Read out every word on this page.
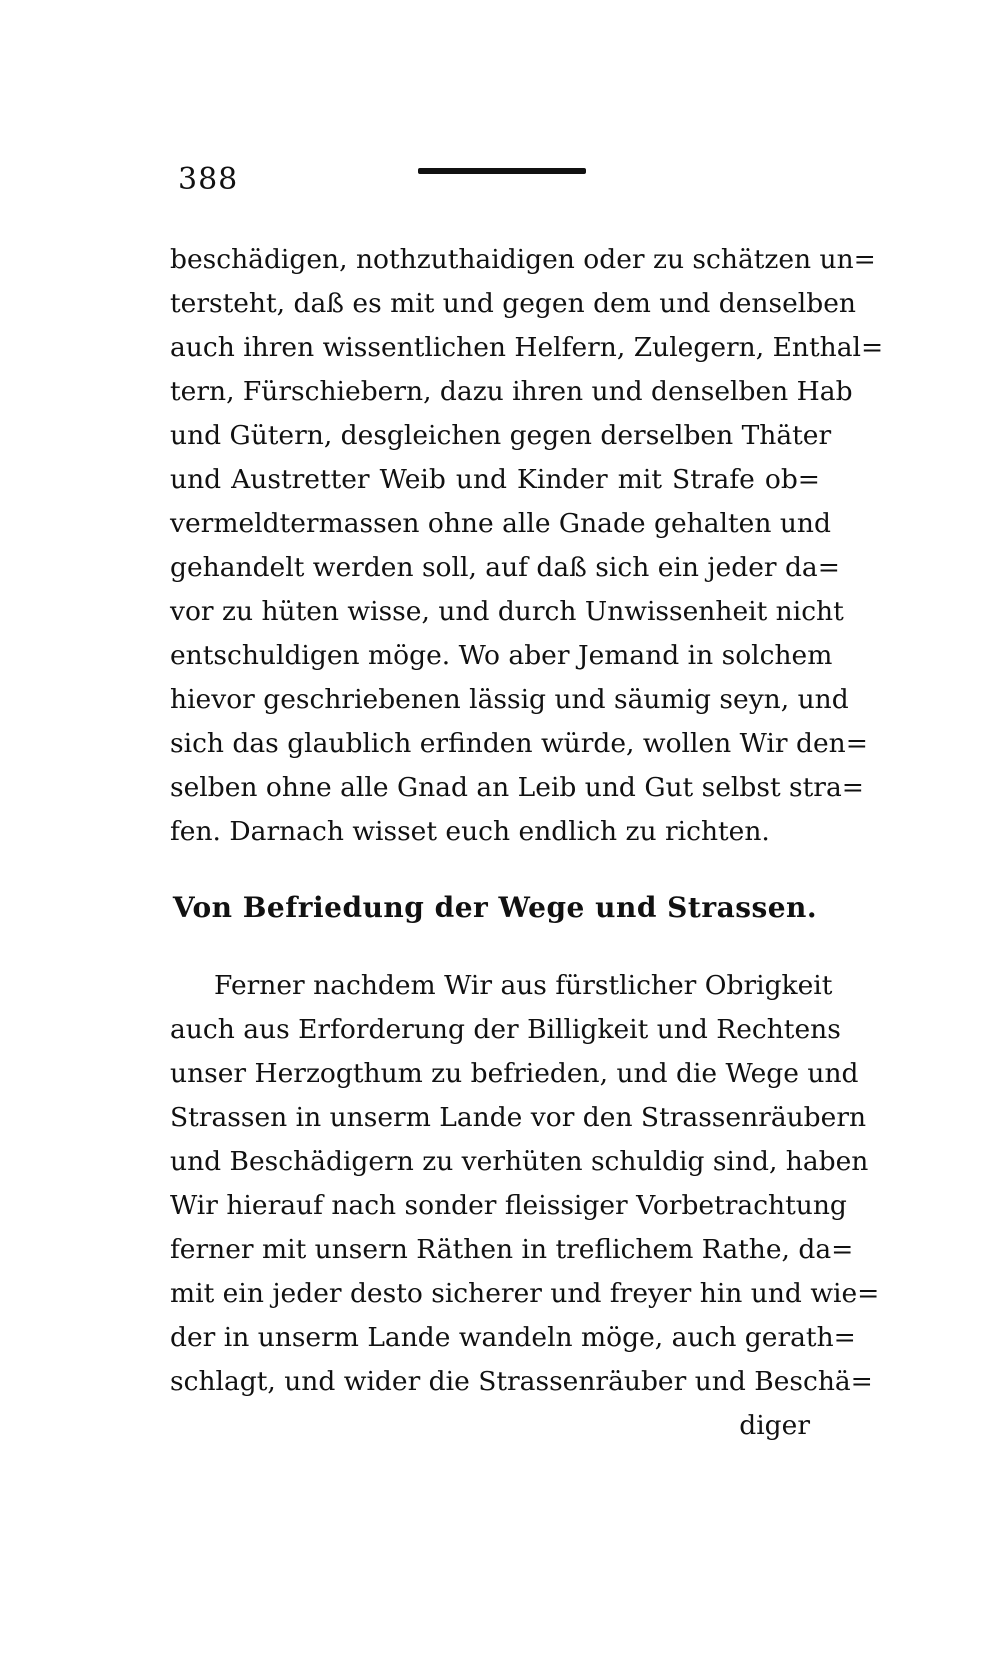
388
beschädigen, nothzuthaidigen oder zu schätzen un=
tersteht, daß es mit und gegen dem und denselben
auch ihren wissentlichen Helfern, Zulegern, Enthal=
tern, Fürschiebern, dazu ihren und denselben Hab
und Gütern, desgleichen gegen derselben Thäter
und Austretter Weib und Kinder mit Strafe ob=
vermeldtermassen ohne alle Gnade gehalten und
gehandelt werden soll, auf daß sich ein jeder da=
vor zu hüten wisse, und durch Unwissenheit nicht
entschuldigen möge. Wo aber Jemand in solchem
hievor geschriebenen lässig und säumig seyn, und
sich das glaublich erfinden würde, wollen Wir den=
selben ohne alle Gnad an Leib und Gut selbst stra=
fen. Darnach wisset euch endlich zu richten.
Von Befriedung der Wege und Strassen.
Ferner nachdem Wir aus fürstlicher Obrigkeit
auch aus Erforderung der Billigkeit und Rechtens
unser Herzogthum zu befrieden, und die Wege und
Strassen in unserm Lande vor den Strassenräubern
und Beschädigern zu verhüten schuldig sind, haben
Wir hierauf nach sonder fleissiger Vorbetrachtung
ferner mit unsern Räthen in treflichem Rathe, da=
mit ein jeder desto sicherer und freyer hin und wie=
der in unserm Lande wandeln möge, auch gerath=
schlagt, und wider die Strassenräuber und Beschä=
diger
